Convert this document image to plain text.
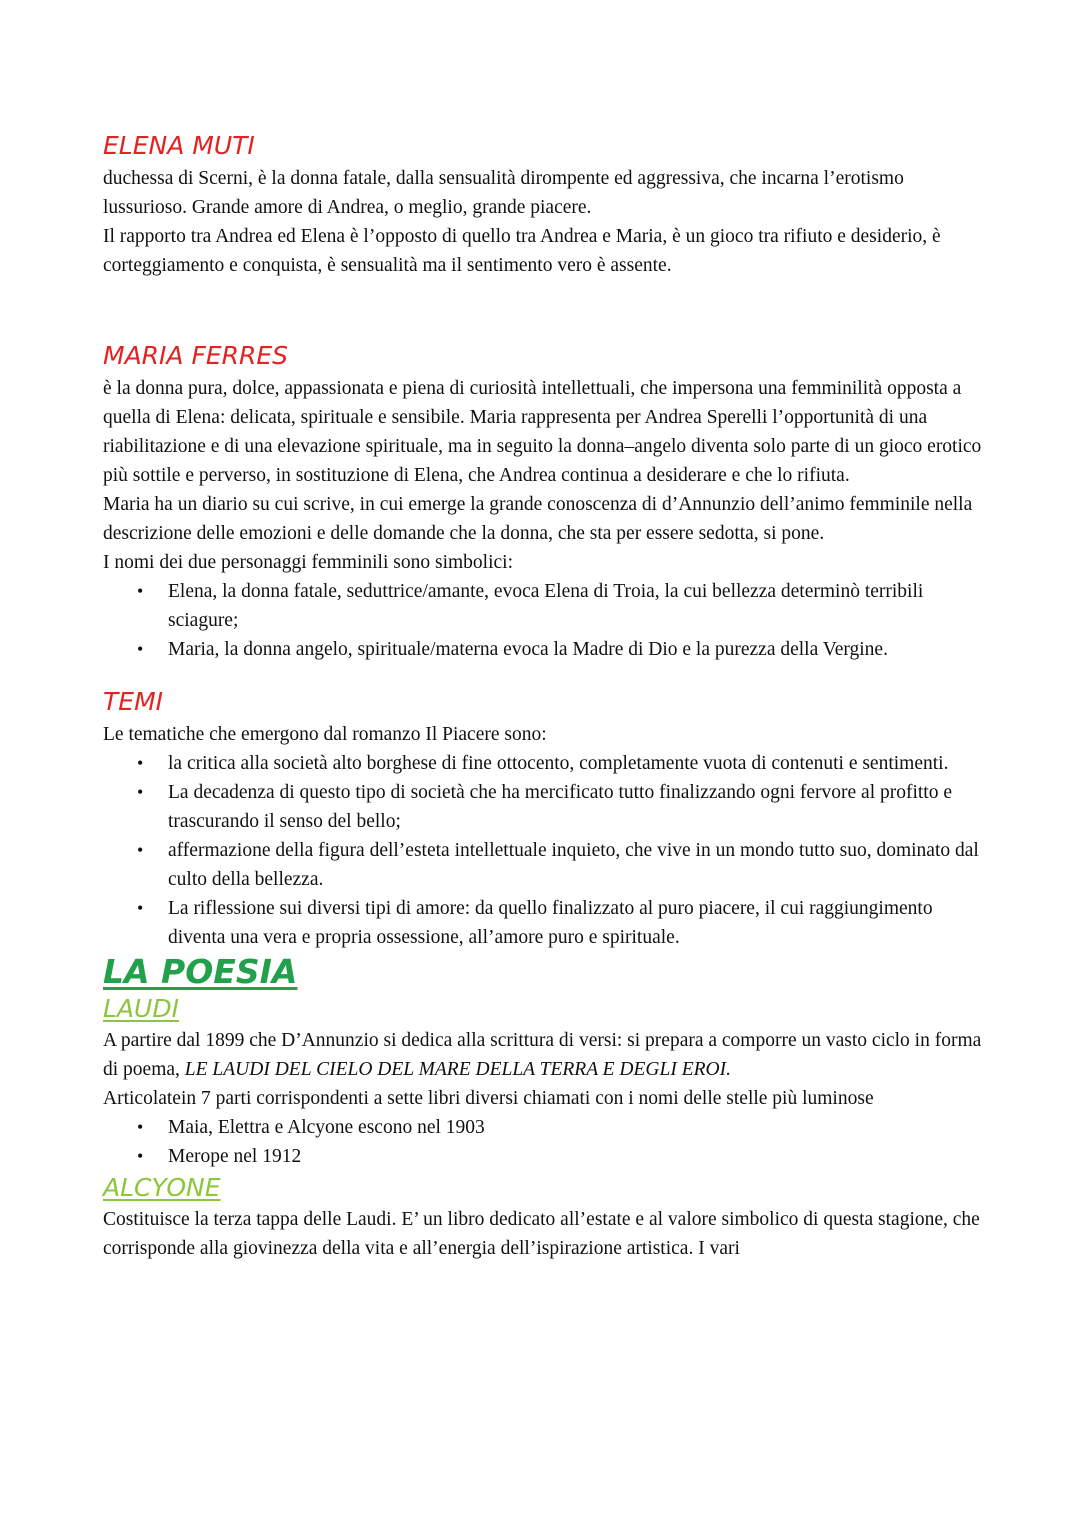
ELENA MUTI

duchessa di Scerni, è la donna fatale, dalla sensualità dirompente ed aggressiva, che incarna l’erotismo lussurioso. Grande amore di Andrea, o meglio, grande piacere.

Il rapporto tra Andrea ed Elena è l’opposto di quello tra Andrea e Maria, è un gioco tra rifiuto e desiderio, è corteggiamento e conquista, è sensualità ma il sentimento vero è assente.

MARIA FERRES

è la donna pura, dolce, appassionata e piena di curiosità intellettuali, che impersona una femminilità opposta a quella di Elena: delicata, spirituale e sensibile. Maria rappresenta per Andrea Sperelli l’opportunità di una riabilitazione e di una elevazione spirituale, ma in seguito la donna–angelo diventa solo parte di un gioco erotico più sottile e perverso, in sostituzione di Elena, che Andrea continua a desiderare e che lo rifiuta.

Maria ha un diario su cui scrive, in cui emerge la grande conoscenza di d’Annunzio dell’animo femminile nella descrizione delle emozioni e delle domande che la donna, che sta per essere sedotta, si pone.

I nomi dei due personaggi femminili sono simbolici:

• Elena, la donna fatale, seduttrice/amante, evoca Elena di Troia, la cui bellezza determinò terribili sciagure;
• Maria, la donna angelo, spirituale/materna evoca la Madre di Dio e la purezza della Vergine.
TEMI

Le tematiche che emergono dal romanzo Il Piacere sono:

• la critica alla società alto borghese di fine ottocento, completamente vuota di contenuti e sentimenti.
• La decadenza di questo tipo di società che ha mercificato tutto finalizzando ogni fervore al profitto e trascurando il senso del bello;
• affermazione della figura dell’esteta intellettuale inquieto, che vive in un mondo tutto suo, dominato dal culto della bellezza.
• La riflessione sui diversi tipi di amore: da quello finalizzato al puro piacere, il cui raggiungimento diventa una vera e propria ossessione, all’amore puro e spirituale.
LA POESIA
LAUDI

A partire dal 1899 che D’Annunzio si dedica alla scrittura di versi: si prepara a comporre un vasto ciclo in forma di poema, LE LAUDI DEL CIELO DEL MARE DELLA TERRA E DEGLI EROI.

Articolatein 7 parti corrispondenti a sette libri diversi chiamati con i nomi delle stelle più luminose

• Maia, Elettra e Alcyone escono nel 1903
• Merope nel 1912
ALCYONE

Costituisce la terza tappa delle Laudi. E’ un libro dedicato all’estate e al valore simbolico di questa stagione, che corrisponde alla giovinezza della vita e all’energia dell’ispirazione artistica. I vari
